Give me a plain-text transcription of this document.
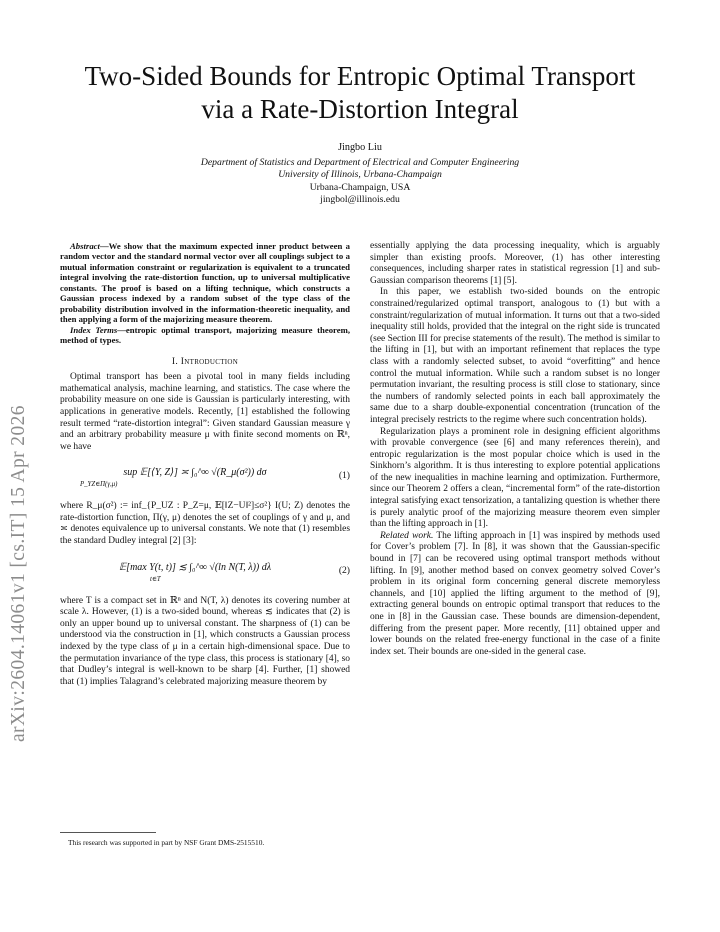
arXiv:2604.14061v1 [cs.IT] 15 Apr 2026
Two-Sided Bounds for Entropic Optimal Transport
via a Rate-Distortion Integral
Jingbo Liu
Department of Statistics and Department of Electrical and Computer Engineering
University of Illinois, Urbana-Champaign
Urbana-Champaign, USA
jingbol@illinois.edu

Abstract—We show that the maximum expected inner product between a random vector and the standard normal vector over all couplings subject to a mutual information constraint or regularization is equivalent to a truncated integral involving the rate-distortion function, up to universal multiplicative constants. The proof is based on a lifting technique, which constructs a Gaussian process indexed by a random subset of the type class of the probability distribution involved in the information-theoretic inequality, and then applying a form of the majorizing measure theorem.

Index Terms—entropic optimal transport, majorizing measure theorem, method of types.

I. Introduction

Optimal transport has been a pivotal tool in many fields including mathematical analysis, machine learning, and statistics. The case where the probability measure on one side is Gaussian is particularly interesting, with applications in generative models. Recently, [1] established the following result termed “rate-distortion integral”: Given standard Gaussian measure γ and an arbitrary probability measure μ with finite second moments on ℝⁿ, we have

sup 𝔼[⟨Y, Z⟩] ≍ ∫₀^∞ √(R_μ(σ²)) dσ
P_YZ∈Π(γ,μ)
(1)

where R_μ(σ²) := inf_{P_UZ : P_Z=μ, 𝔼[‖Z−U‖²]≤σ²} I(U; Z) denotes the rate-distortion function, Π(γ, μ) denotes the set of couplings of γ and μ, and ≍ denotes equivalence up to universal constants. We note that (1) resembles the standard Dudley integral [2] [3]:

𝔼[max Y(t, t)] ≲ ∫₀^∞ √(ln N(T, λ)) dλ
t∈T
(2)

where T is a compact set in ℝⁿ and N(T, λ) denotes its covering number at scale λ. However, (1) is a two-sided bound, whereas ≲ indicates that (2) is only an upper bound up to universal constant. The sharpness of (1) can be understood via the construction in [1], which constructs a Gaussian process indexed by the type class of μ in a certain high-dimensional space. Due to the permutation invariance of the type class, this process is stationary [4], so that Dudley’s integral is well-known to be sharp [4]. Further, [1] showed that (1) implies Talagrand’s celebrated majorizing measure theorem by

essentially applying the data processing inequality, which is arguably simpler than existing proofs. Moreover, (1) has other interesting consequences, including sharper rates in statistical regression [1] and sub-Gaussian comparison theorems [1] [5].

In this paper, we establish two-sided bounds on the entropic constrained/regularized optimal transport, analogous to (1) but with a constraint/regularization of mutual information. It turns out that a two-sided inequality still holds, provided that the integral on the right side is truncated (see Section III for precise statements of the result). The method is similar to the lifting in [1], but with an important refinement that replaces the type class with a randomly selected subset, to avoid “overfitting” and hence control the mutual information. While such a random subset is no longer permutation invariant, the resulting process is still close to stationary, since the numbers of randomly selected points in each ball approximately the same due to a sharp double-exponential concentration (truncation of the integral precisely restricts to the regime where such concentration holds).

Regularization plays a prominent role in designing efficient algorithms with provable convergence (see [6] and many references therein), and entropic regularization is the most popular choice which is used in the Sinkhorn’s algorithm. It is thus interesting to explore potential applications of the new inequalities in machine learning and optimization. Furthermore, since our Theorem 2 offers a clean, “incremental form” of the rate-distortion integral satisfying exact tensorization, a tantalizing question is whether there is purely analytic proof of the majorizing measure theorem even simpler than the lifting approach in [1].

Related work. The lifting approach in [1] was inspired by methods used for Cover’s problem [7]. In [8], it was shown that the Gaussian-specific bound in [7] can be recovered using optimal transport methods without lifting. In [9], another method based on convex geometry solved Cover’s problem in its original form concerning general discrete memoryless channels, and [10] applied the lifting argument to the method of [9], extracting general bounds on entropic optimal transport that reduces to the one in [8] in the Gaussian case. These bounds are dimension-dependent, differing from the present paper. More recently, [11] obtained upper and lower bounds on the related free-energy functional in the case of a finite index set. Their bounds are one-sided in the general case.

This research was supported in part by NSF Grant DMS-2515510.
